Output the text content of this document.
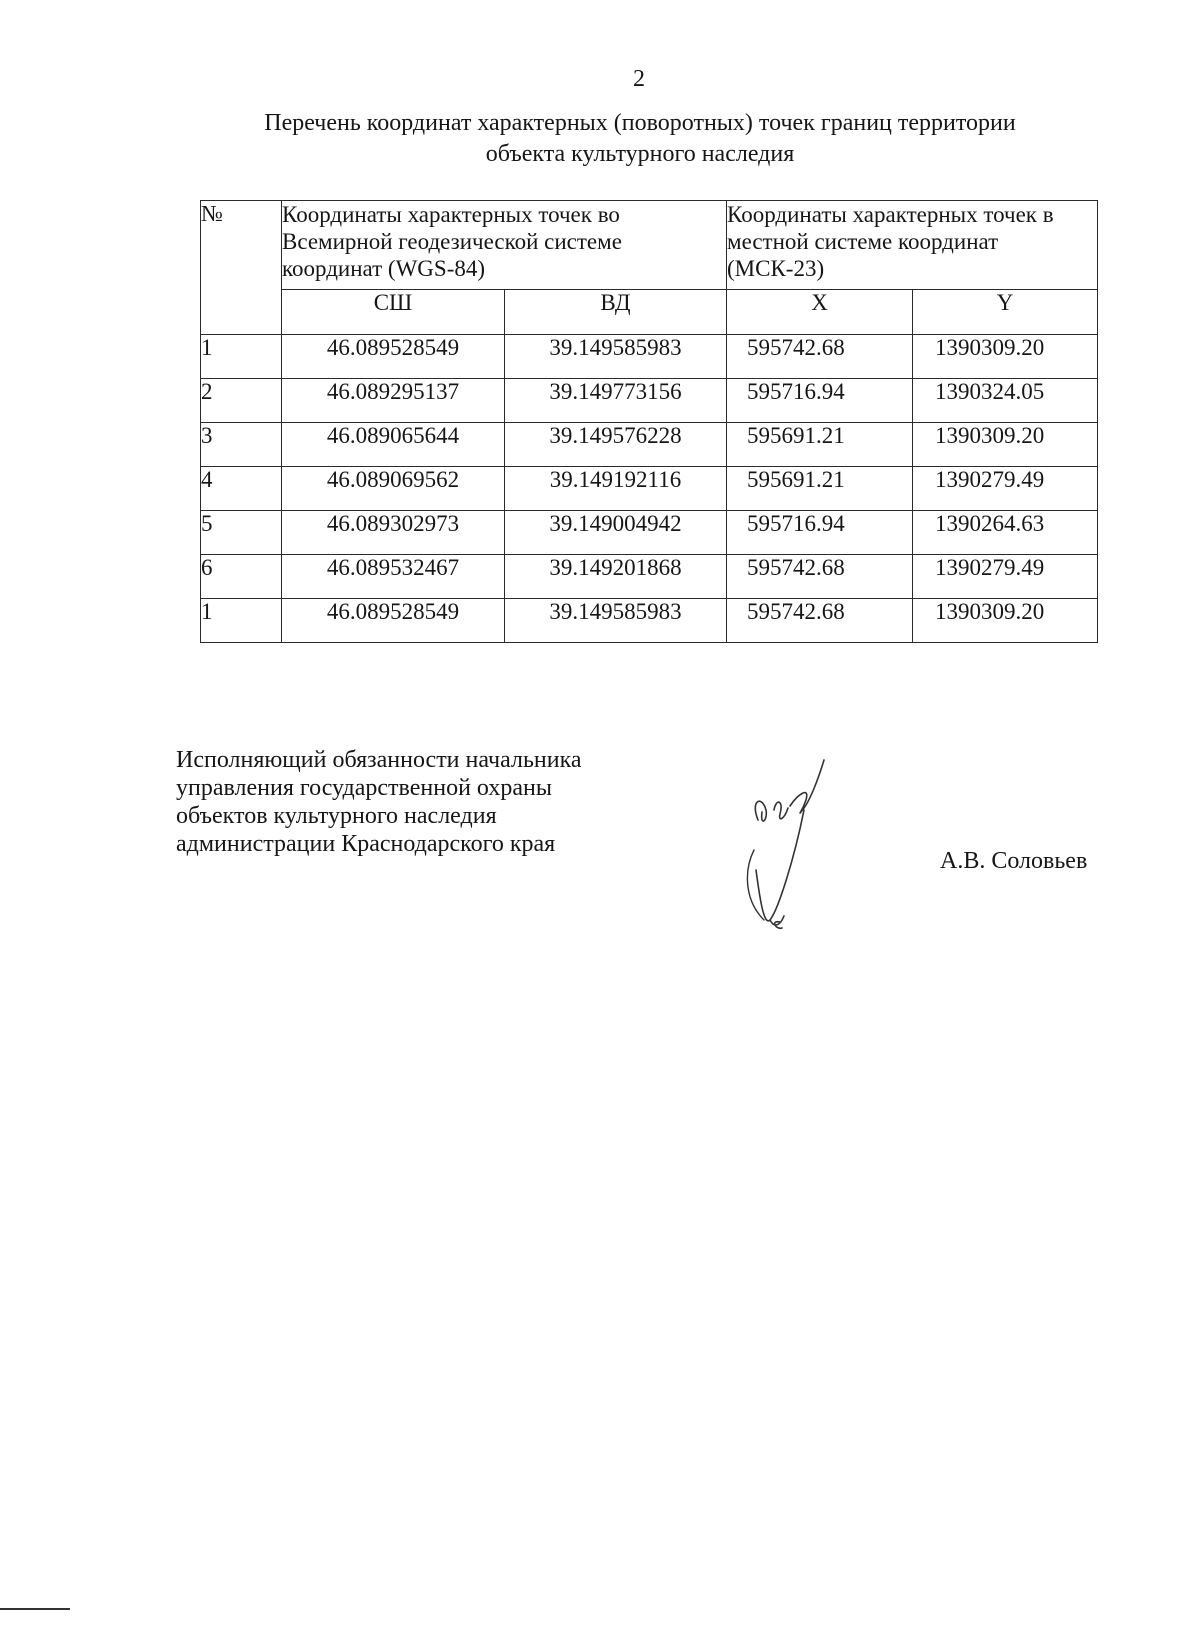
2
Перечень координат характерных (поворотных) точек границ территории
объекта культурного наследия
№	Координаты характерных точек во Всемирной геодезической системе координат (WGS-84)		Координаты характерных точек в местной системе координат (МСК-23)	
	СШ	ВД	X	Y
1	46.089528549	39.149585983	595742.68	1390309.20
2	46.089295137	39.149773156	595716.94	1390324.05
3	46.089065644	39.149576228	595691.21	1390309.20
4	46.089069562	39.149192116	595691.21	1390279.49
5	46.089302973	39.149004942	595716.94	1390264.63
6	46.089532467	39.149201868	595742.68	1390279.49
1	46.089528549	39.149585983	595742.68	1390309.20
Исполняющий обязанности начальника
управления государственной охраны
объектов культурного наследия
администрации Краснодарского края
А.В. Соловьев
